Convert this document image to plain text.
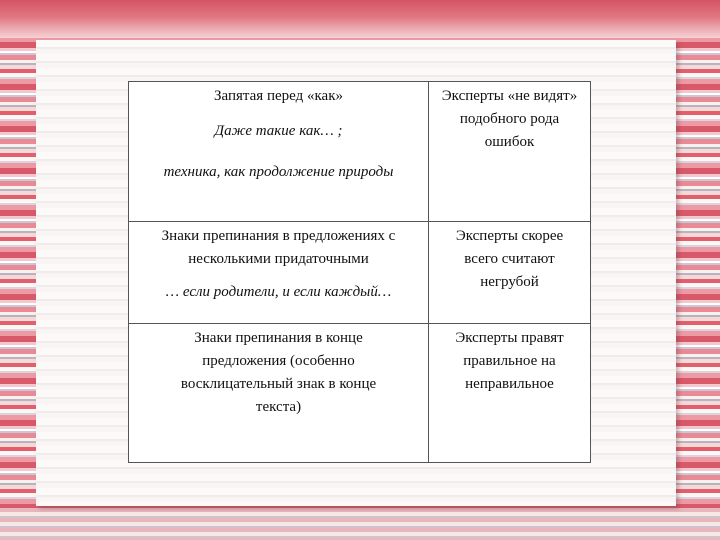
Запятая перед «как»
Даже такие как… ;
техника, как продолжение природы	Эксперты «не видят» подобного рода ошибок

Знаки препинания в предложениях с несколькими придаточными
… если родители, и если каждый…	Эксперты скорее всего считают негрубой

Знаки препинания в конце предложения (особенно восклицательный знак в конце текста)	Эксперты правят правильное на неправильное
